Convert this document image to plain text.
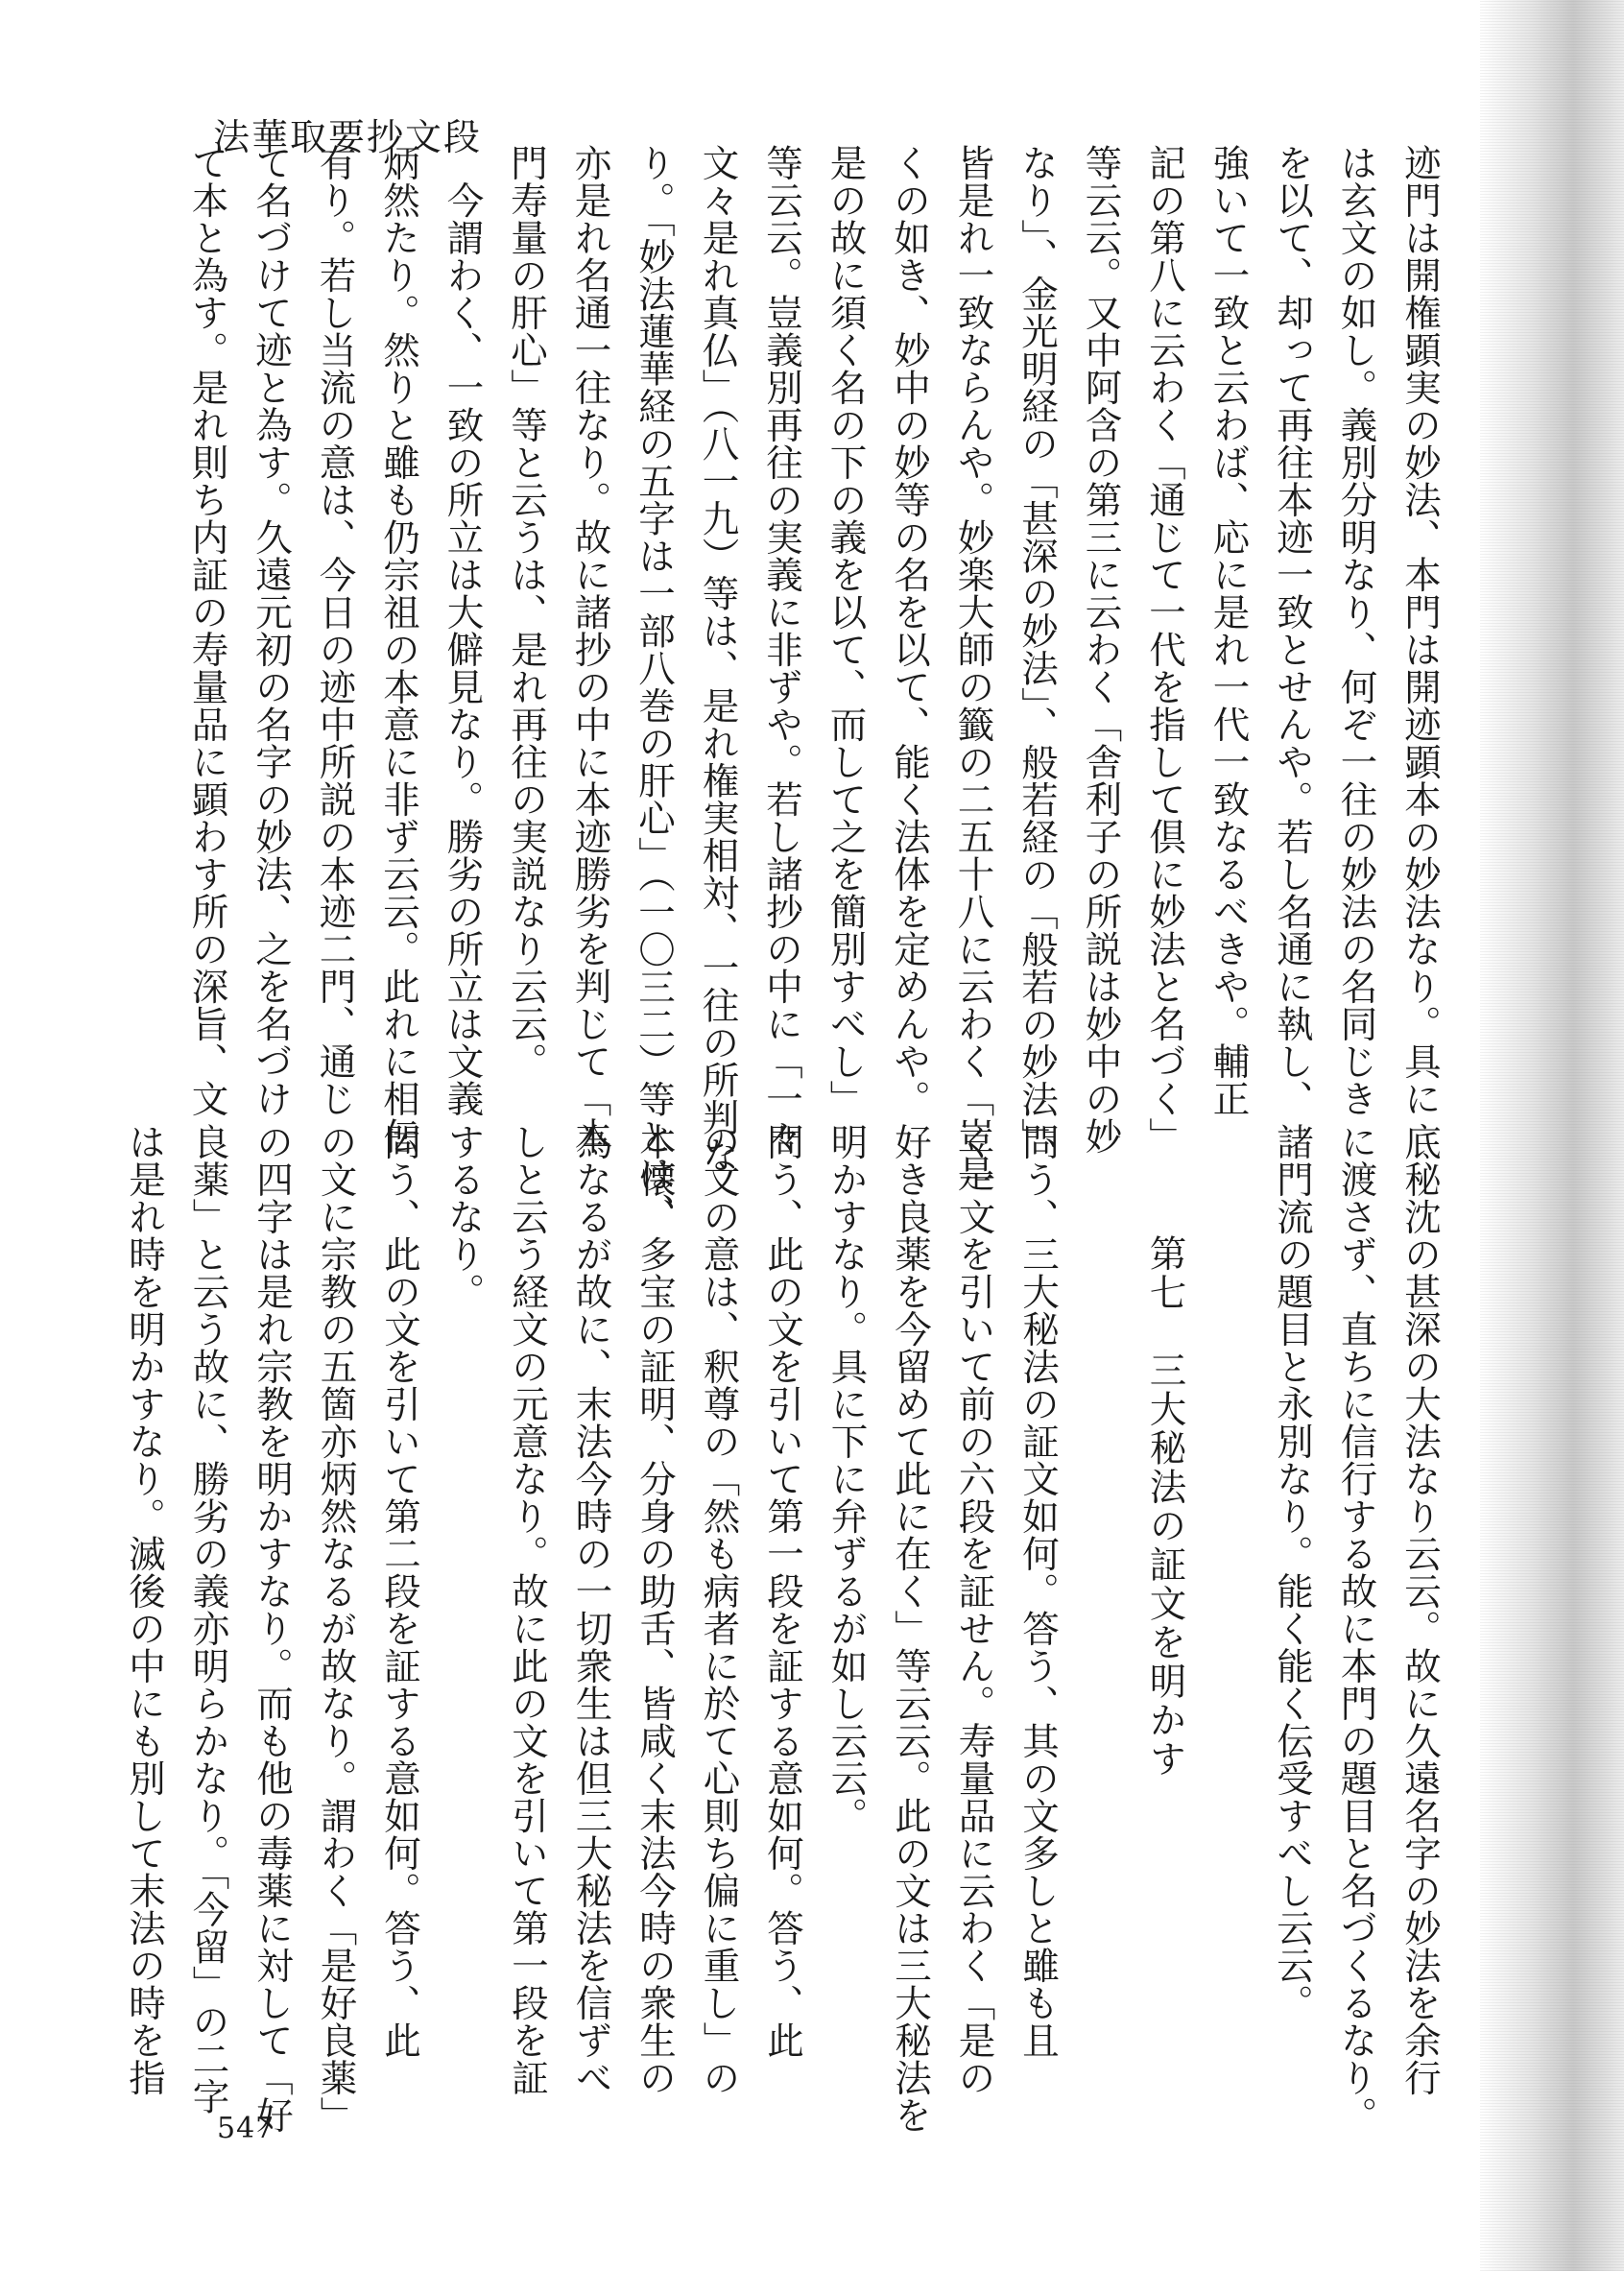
法華取要抄文段

迹門は開権顕実の妙法、本門は開迹顕本の妙法なり。具に

は玄文の如し。義別分明なり、何ぞ一往の妙法の名同じき

を以て、却って再往本迹一致とせんや。若し名通に執し、

強いて一致と云わば、応に是れ一代一致なるべきや。輔正

記の第八に云わく「通じて一代を指して倶に妙法と名づく」

等云云。又中阿含の第三に云わく「舎利子の所説は妙中の妙

なり」、金光明経の「甚深の妙法」、般若経の「般若の妙法」、

皆是れ一致ならんや。妙楽大師の籤の二五十八に云わく「豈是

くの如き、妙中の妙等の名を以て、能く法体を定めんや。

是の故に須く名の下の義を以て、而して之を簡別すべし」

等云云。豈義別再往の実義に非ずや。若し諸抄の中に「一々

文々是れ真仏」（八一九）等は、是れ権実相対、一往の所判な

り。「妙法蓮華経の五字は一部八巻の肝心」（一〇三二）等とは、

亦是れ名通一往なり。故に諸抄の中に本迹勝劣を判じて「本

門寿量の肝心」等と云うは、是れ再往の実説なり云云。

今謂わく、一致の所立は大僻見なり。勝劣の所立は文義

炳然たり。然りと雖も仍宗祖の本意に非ず云云。此れに相伝

有り。若し当流の意は、今日の迹中所説の本迹二門、通じ

て名づけて迹と為す。久遠元初の名字の妙法、之を名づけ

て本と為す。是れ則ち内証の寿量品に顕わす所の深旨、文

底秘沈の甚深の大法なり云云。故に久遠名字の妙法を余行

に渡さず、直ちに信行する故に本門の題目と名づくるなり。

諸門流の題目と永別なり。能く能く伝受すべし云云。

第七　三大秘法の証文を明かす

問う、三大秘法の証文如何。答う、其の文多しと雖も且

く一文を引いて前の六段を証せん。寿量品に云わく「是の

好き良薬を今留めて此に在く」等云云。此の文は三大秘法を

明かすなり。具に下に弁ずるが如し云云。

問う、此の文を引いて第一段を証する意如何。答う、此

の文の意は、釈尊の「然も病者に於て心則ち偏に重し」の

本懐、多宝の証明、分身の助舌、皆咸く末法今時の衆生の

為なるが故に、末法今時の一切衆生は但三大秘法を信ずべ

しと云う経文の元意なり。故に此の文を引いて第一段を証

するなり。

問う、此の文を引いて第二段を証する意如何。答う、此

の文に宗教の五箇亦炳然なるが故なり。謂わく「是好良薬」

の四字は是れ宗教を明かすなり。而も他の毒薬に対して「好

良薬」と云う故に、勝劣の義亦明らかなり。「今留」の二字

は是れ時を明かすなり。滅後の中にも別して末法の時を指

547
